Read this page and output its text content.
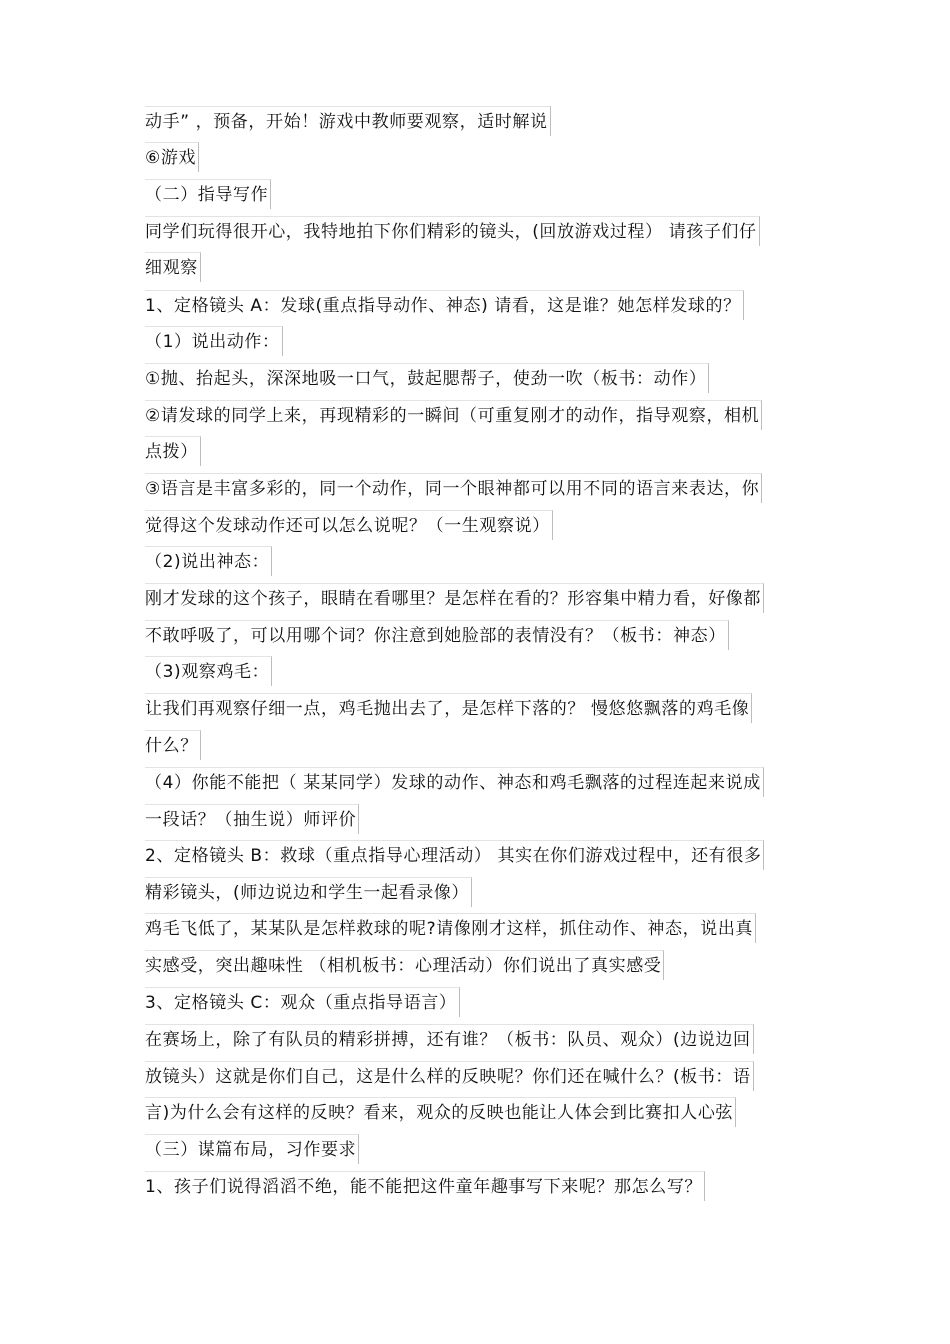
动手” ，预备，开始！游戏中教师要观察，适时解说
⑥游戏
（二）指导写作
同学们玩得很开心，我特地拍下你们精彩的镜头，(回放游戏过程） 请孩子们仔
细观察
1、定格镜头 A：发球(重点指导动作、神态) 请看，这是谁？她怎样发球的？
（1）说出动作：
①抛、抬起头，深深地吸一口气，鼓起腮帮子，使劲一吹（板书：动作）
②请发球的同学上来，再现精彩的一瞬间（可重复刚才的动作，指导观察，相机
点拨）
③语言是丰富多彩的，同一个动作，同一个眼神都可以用不同的语言来表达，你
觉得这个发球动作还可以怎么说呢？（一生观察说）
（2)说出神态：
刚才发球的这个孩子，眼睛在看哪里？是怎样在看的？形容集中精力看，好像都
不敢呼吸了，可以用哪个词？你注意到她脸部的表情没有？（板书：神态）
（3)观察鸡毛：
让我们再观察仔细一点，鸡毛抛出去了，是怎样下落的？ 慢悠悠飘落的鸡毛像
什么？
（4）你能不能把（ 某某同学）发球的动作、神态和鸡毛飘落的过程连起来说成
一段话？（抽生说）师评价
2、定格镜头 B：救球（重点指导心理活动） 其实在你们游戏过程中，还有很多
精彩镜头，(师边说边和学生一起看录像）
鸡毛飞低了，某某队是怎样救球的呢?请像刚才这样，抓住动作、神态，说出真
实感受，突出趣味性 （相机板书：心理活动）你们说出了真实感受
3、定格镜头 C：观众（重点指导语言）
在赛场上，除了有队员的精彩拼搏，还有谁？（板书：队员、观众）(边说边回
放镜头）这就是你们自己，这是什么样的反映呢？你们还在喊什么？(板书：语
言)为什么会有这样的反映？看来，观众的反映也能让人体会到比赛扣人心弦
（三）谋篇布局，习作要求
1、孩子们说得滔滔不绝，能不能把这件童年趣事写下来呢？那怎么写？
